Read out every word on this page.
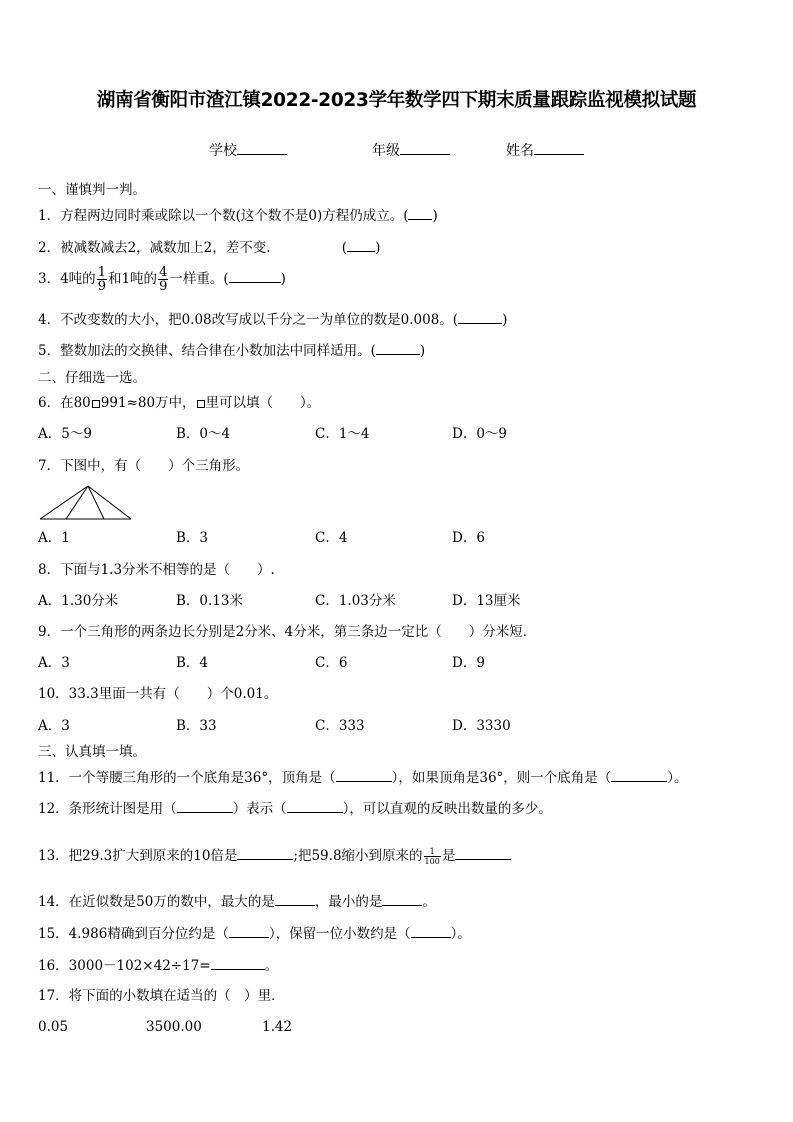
湖南省衡阳市渣江镇2022-2023学年数学四下期末质量跟踪监视模拟试题
学校	年级	姓名
一、谨慎判一判。
1．方程两边同时乘或除以一个数(这个数不是0)方程仍成立。( )
2．被减数减去2，减数加上2，差不变．	( )
3．4吨的 $\frac{1}{9}$ 和1吨的 $\frac{4}{9}$ 一样重。(	)
4．不改变数的大小，把0.08改写成以千分之一为单位的数是0.008。(	)
5．整数加法的交换律、结合律在小数加法中同样适用。(	)
二、仔细选一选。
6．在80 991≈80万中， 里可以填（　　）。
A．5～9	B．0～4	C．1～4	D．0～9
7．下图中，有（　　）个三角形。
A．1	B．3	C．4	D．6
8．下面与1.3分米不相等的是（　　）.
A．1.30分米	B．0.13米	C．1.03分米	D．13厘米
9．一个三角形的两条边长分别是2分米、4分米，第三条边一定比（　　）分米短．
A．3	B．4	C．6	D．9
10．33.3里面一共有（　　）个0.01。
A．3	B．33	C．333	D．3330
三、认真填一填。
11．一个等腰三角形的一个底角是36°，顶角是（	），如果顶角是36°，则一个底角是（	）。
12．条形统计图是用（	）表示（	），可以直观的反映出数量的多少。
13．把29.3扩大到原来的10倍是	;把59.8缩小到原来的 $\frac{1}{100}$ 是
14．在近似数是50万的数中，最大的是	，最小的是	。
15．4.986精确到百分位约是（	），保留一位小数约是（	）。
16．3000－102×42÷17=	。
17．将下面的小数填在适当的（　）里．
0.05	3500.00	1.42
